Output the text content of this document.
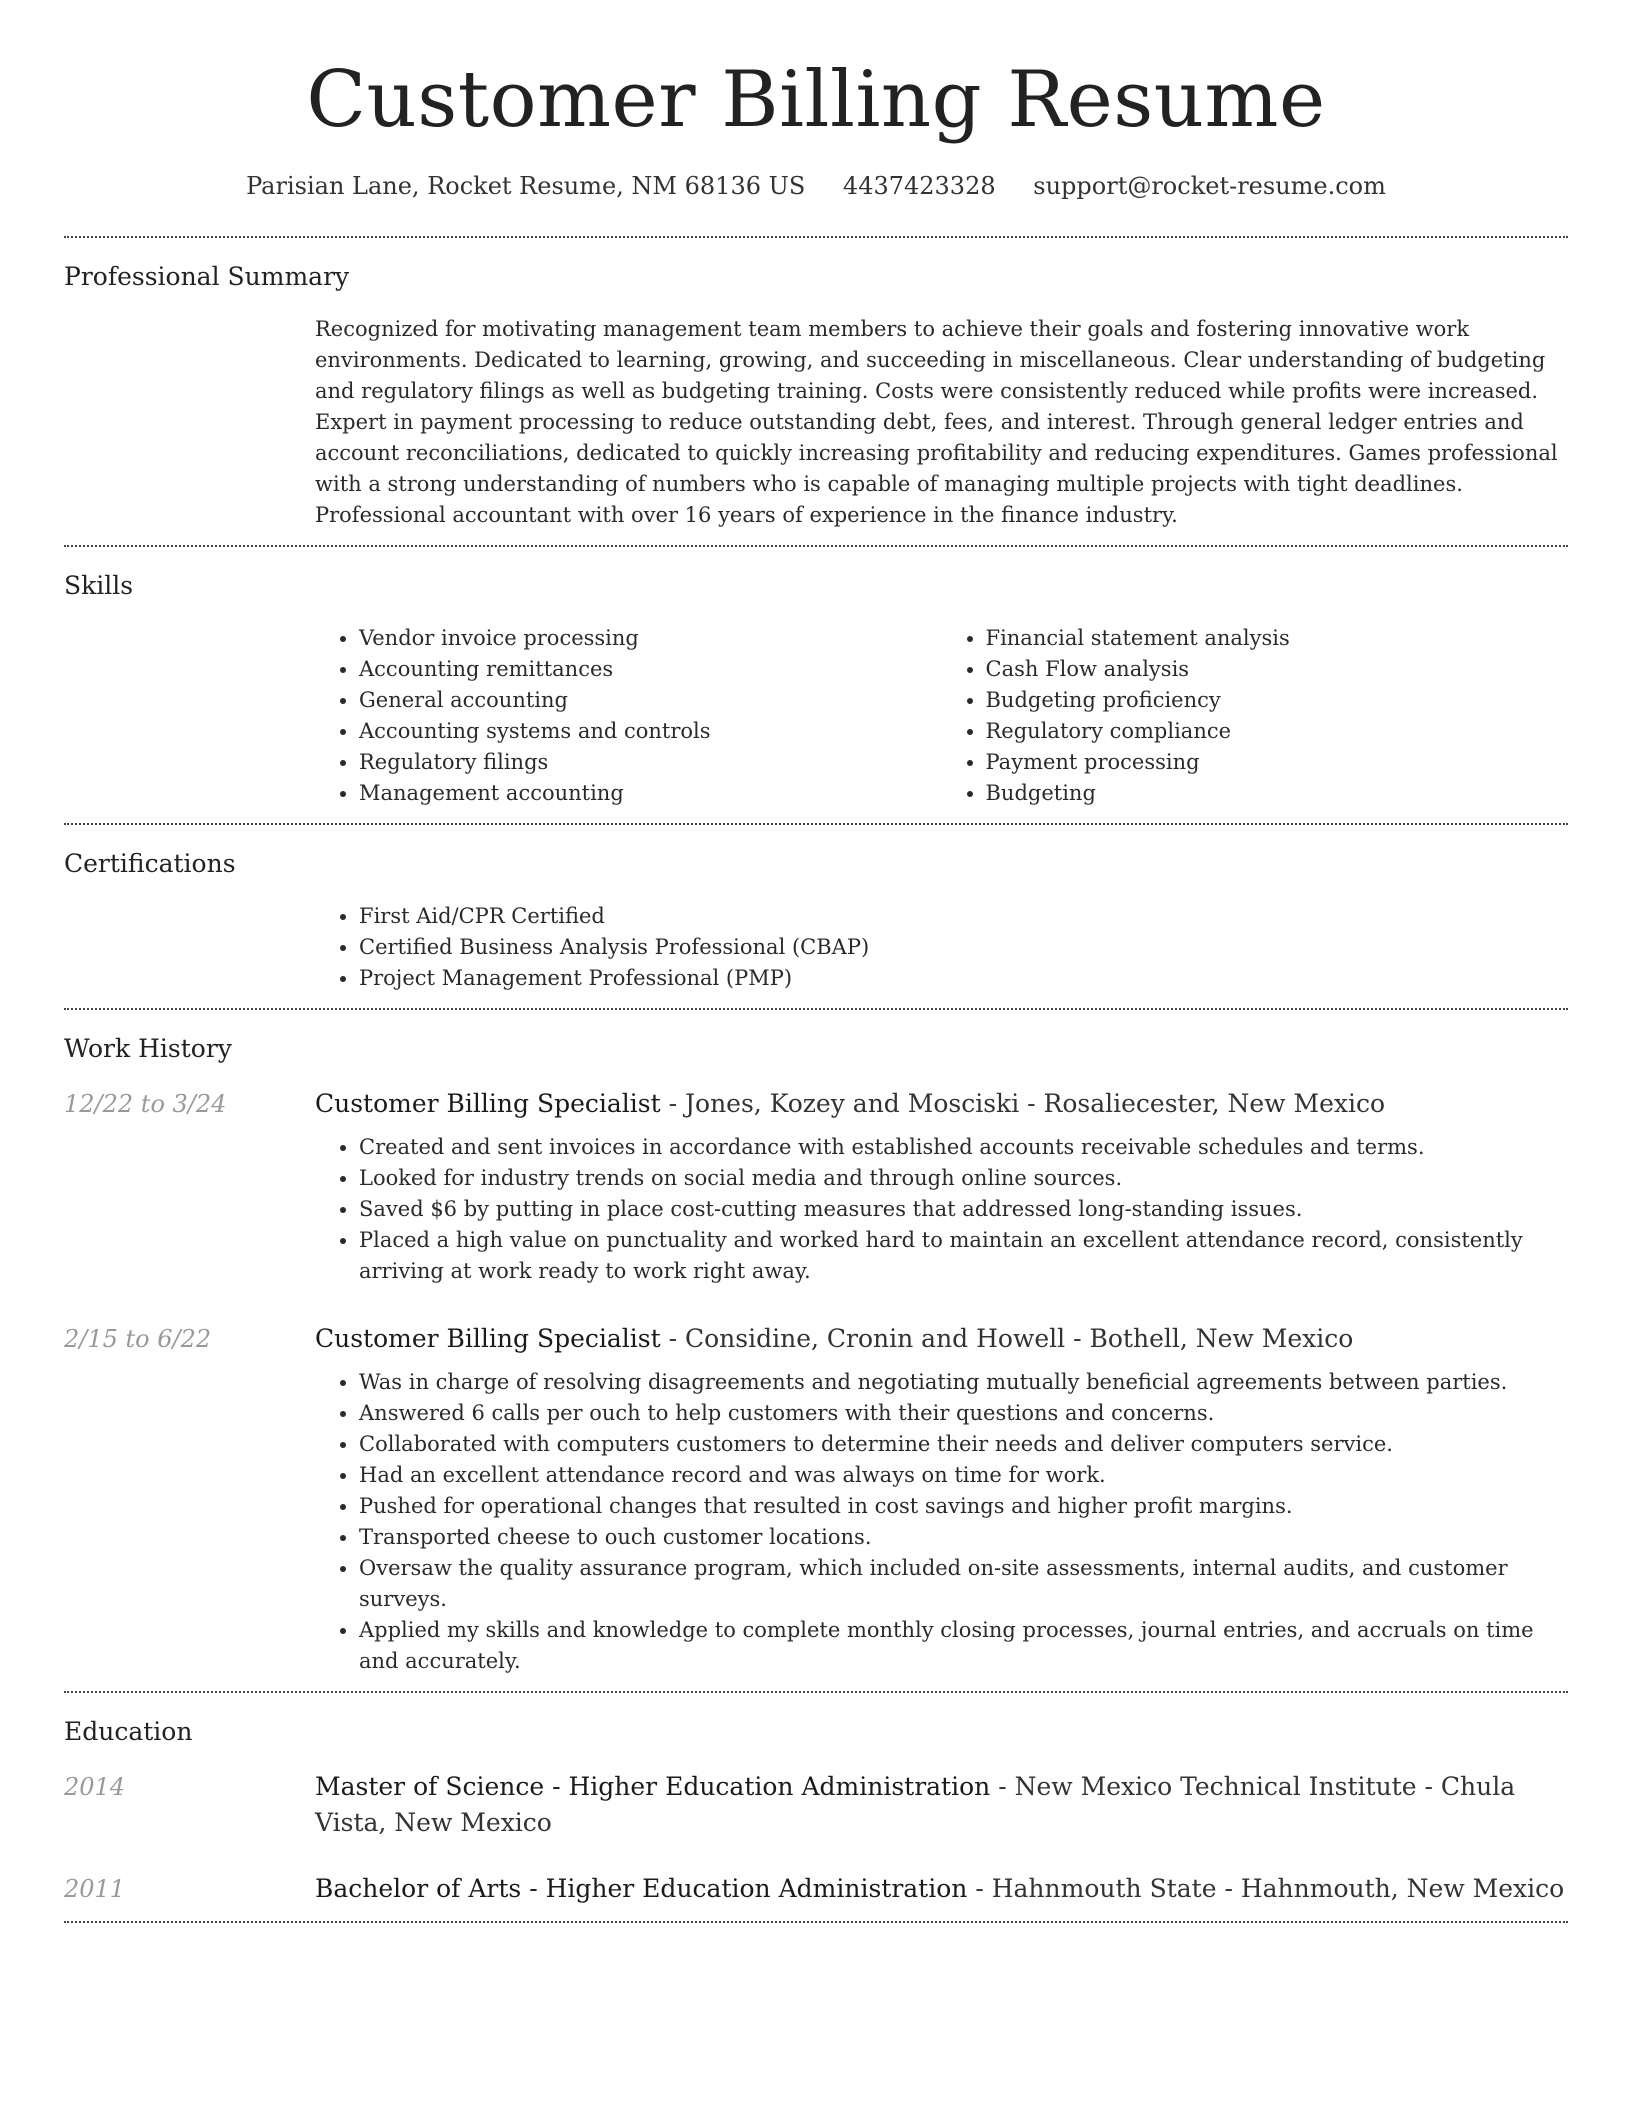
Customer Billing Resume
Parisian Lane, Rocket Resume, NM 68136 US 4437423328 support@rocket-resume.com
Professional Summary

Recognized for motivating management team members to achieve their goals and fostering innovative work environments. Dedicated to learning, growing, and succeeding in miscellaneous. Clear understanding of budgeting and regulatory filings as well as budgeting training. Costs were consistently reduced while profits were increased. Expert in payment processing to reduce outstanding debt, fees, and interest. Through general ledger entries and account reconciliations, dedicated to quickly increasing profitability and reducing expenditures. Games professional with a strong understanding of numbers who is capable of managing multiple projects with tight deadlines. Professional accountant with over 16 years of experience in the finance industry.

Skills
• Vendor invoice processing
• Accounting remittances
• General accounting
• Accounting systems and controls
• Regulatory filings
• Management accounting
• Financial statement analysis
• Cash Flow analysis
• Budgeting proficiency
• Regulatory compliance
• Payment processing
• Budgeting
Certifications
• First Aid/CPR Certified
• Certified Business Analysis Professional (CBAP)
• Project Management Professional (PMP)
Work History
12/22 to 3/24	Customer Billing Specialist - Jones, Kozey and Mosciski - Rosaliecester, New Mexico
• Created and sent invoices in accordance with established accounts receivable schedules and terms.
• Looked for industry trends on social media and through online sources.
• Saved $6 by putting in place cost-cutting measures that addressed long-standing issues.
• Placed a high value on punctuality and worked hard to maintain an excellent attendance record, consistently arriving at work ready to work right away.
2/15 to 6/22	Customer Billing Specialist - Considine, Cronin and Howell - Bothell, New Mexico
• Was in charge of resolving disagreements and negotiating mutually beneficial agreements between parties.
• Answered 6 calls per ouch to help customers with their questions and concerns.
• Collaborated with computers customers to determine their needs and deliver computers service.
• Had an excellent attendance record and was always on time for work.
• Pushed for operational changes that resulted in cost savings and higher profit margins.
• Transported cheese to ouch customer locations.
• Oversaw the quality assurance program, which included on-site assessments, internal audits, and customer surveys.
• Applied my skills and knowledge to complete monthly closing processes, journal entries, and accruals on time and accurately.
Education
2014	Master of Science - Higher Education Administration - New Mexico Technical Institute - Chula Vista, New Mexico
2011	Bachelor of Arts - Higher Education Administration - Hahnmouth State - Hahnmouth, New Mexico
